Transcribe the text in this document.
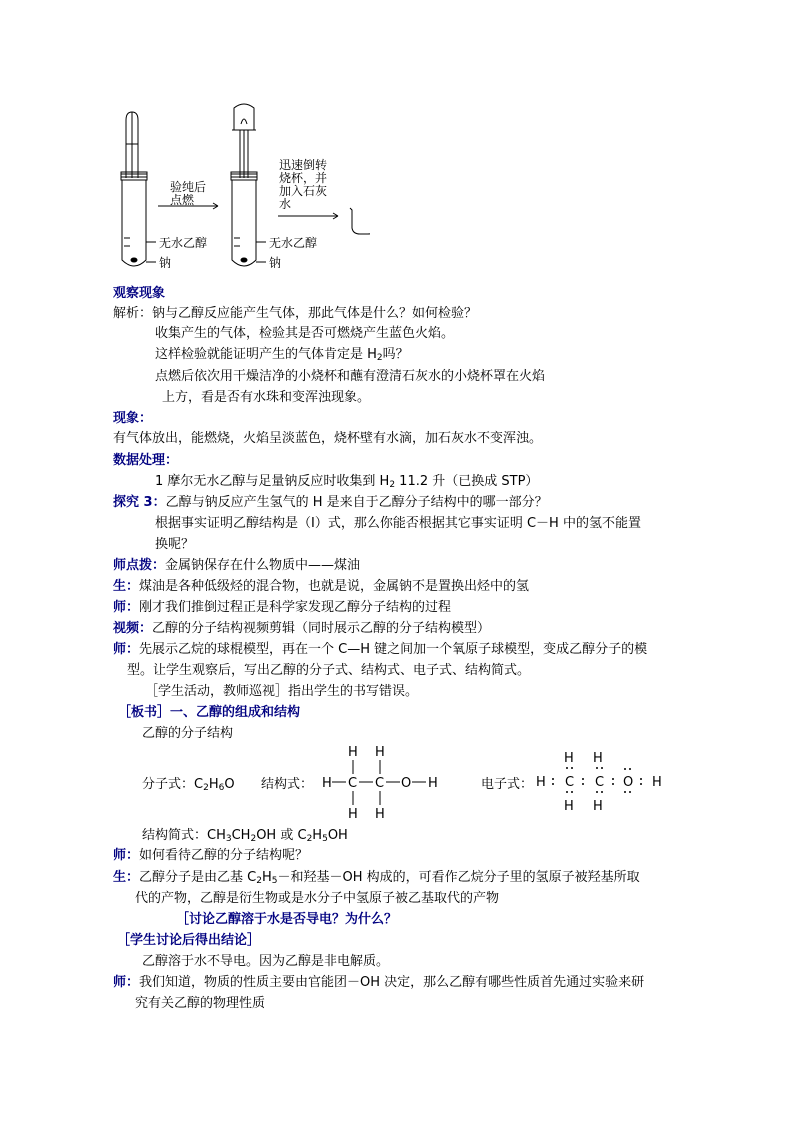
验纯后
点燃
迅速倒转
烧杯，并
加入石灰
水
无水乙醇
钠
无水乙醇
钠
观察现象
解析：钠与乙醇反应能产生气体，那此气体是什么？如何检验？
收集产生的气体，检验其是否可燃烧产生蓝色火焰。
这样检验就能证明产生的气体肯定是 $H_2$吗？
点燃后依次用干燥洁净的小烧杯和蘸有澄清石灰水的小烧杯罩在火焰
上方，看是否有水珠和变浑浊现象。
现象：
有气体放出，能燃烧，火焰呈淡蓝色，烧杯壁有水滴，加石灰水不变浑浊。
数据处理：
1 摩尔无水乙醇与足量钠反应时收集到 $H_2$ 11.2 升（已换成 STP）
探究 3：乙醇与钠反应产生氢气的 H 是来自于乙醇分子结构中的哪一部分？
根据事实证明乙醇结构是（Ⅰ）式，那么你能否根据其它事实证明 C－H 中的氢不能置
换呢？
师点拨：金属钠保存在什么物质中——煤油
生：煤油是各种低级烃的混合物，也就是说，金属钠不是置换出烃中的氢
师：刚才我们推倒过程正是科学家发现乙醇分子结构的过程
视频：乙醇的分子结构视频剪辑（同时展示乙醇的分子结构模型）
师：先展示乙烷的球棍模型，再在一个 C—H 键之间加一个氧原子球模型，变成乙醇分子的模
型。让学生观察后，写出乙醇的分子式、结构式、电子式、结构简式。
［学生活动，教师巡视］指出学生的书写错误。
［板书］一、乙醇的组成和结构
乙醇的分子结构
分子式：$C_2H_6O$ 结构式：
H H
H C C O H
H H
电子式：
H H
H C C O H
H H
结构简式：$CH_3CH_2OH$ 或 $C_2H_5OH$
师：如何看待乙醇的分子结构呢？
生：乙醇分子是由乙基 $C_2H_5-$和羟基－OH 构成的，可看作乙烷分子里的氢原子被羟基所取
代的产物，乙醇是衍生物或是水分子中氢原子被乙基取代的产物
［讨论乙醇溶于水是否导电？为什么？
［学生讨论后得出结论］
乙醇溶于水不导电。因为乙醇是非电解质。
师：我们知道，物质的性质主要由官能团－OH 决定，那么乙醇有哪些性质首先通过实验来研
究有关乙醇的物理性质
